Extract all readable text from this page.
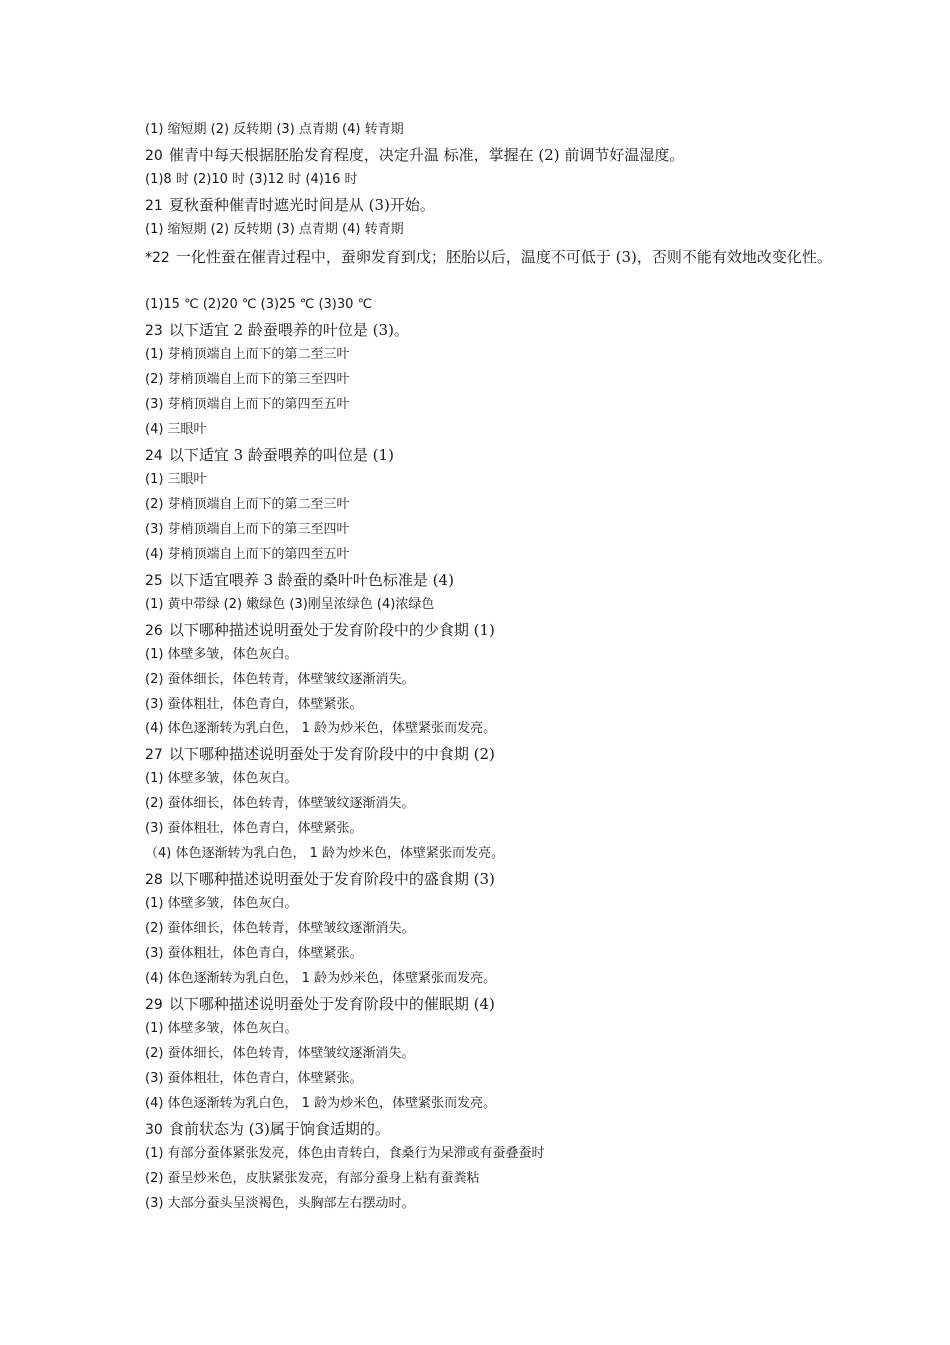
(1) 缩短期 (2) 反转期 (3) 点青期 (4) 转青期
20 催青中每天根据胚胎发育程度，决定升温 标准，掌握在 (2) 前调节好温湿度。
(1)8 时 (2)10 时 (3)12 时 (4)16 时
21 夏秋蚕种催青时遮光时间是从 (3)开始。
(1) 缩短期 (2) 反转期 (3) 点青期 (4) 转青期
*22 一化性蚕在催青过程中，蚕卵发育到戊；胚胎以后，温度不可低于 (3)，否则不能有效地改变化性。
(1)15 ℃ (2)20 ℃ (3)25 ℃ (3)30 ℃
23 以下适宜 2 龄蚕喂养的叶位是 (3)。
(1) 芽梢顶端自上而下的第二至三叶
(2) 芽梢顶端自上而下的第三至四叶
(3) 芽梢顶端自上而下的第四至五叶
(4) 三眼叶
24 以下适宜 3 龄蚕喂养的叫位是 (1)
(1) 三眼叶
(2) 芽梢顶端自上而下的第二至三叶
(3) 芽梢顶端自上而下的第三至四叶
(4) 芽梢顶端自上而下的第四至五叶
25 以下适宜喂养 3 龄蚕的桑叶叶色标准是 (4)
(1) 黄中带绿 (2) 嫩绿色 (3)刚呈浓绿色 (4)浓绿色
26 以下哪种描述说明蚕处于发育阶段中的少食期 (1)
(1) 体壁多皱，体色灰白。
(2) 蚕体细长，体色转青，体壁皱纹逐渐消失。
(3) 蚕体粗壮，体色青白，体壁紧张。
(4) 体色逐渐转为乳白色， 1 龄为炒米色，体壁紧张而发亮。
27 以下哪种描述说明蚕处于发育阶段中的中食期 (2)
(1) 体壁多皱，体色灰白。
(2) 蚕体细长，体色转青，体壁皱纹逐渐消失。
(3) 蚕体粗壮，体色青白，体壁紧张。
（4) 体色逐渐转为乳白色， 1 龄为炒米色，体壁紧张而发亮。
28 以下哪种描述说明蚕处于发育阶段中的盛食期 (3)
(1) 体壁多皱，体色灰白。
(2) 蚕体细长，体色转青，体壁皱纹逐渐消失。
(3) 蚕体粗壮，体色青白，体壁紧张。
(4) 体色逐渐转为乳白色， 1 龄为炒米色，体壁紧张而发亮。
29 以下哪种描述说明蚕处于发育阶段中的催眠期 (4)
(1) 体壁多皱，体色灰白。
(2) 蚕体细长，体色转青，体壁皱纹逐渐消失。
(3) 蚕体粗壮，体色青白，体壁紧张。
(4) 体色逐渐转为乳白色， 1 龄为炒米色，体壁紧张而发亮。
30 食前状态为 (3)属于饷食适期的。
(1) 有部分蚕体紧张发亮，体色由青转白，食桑行为呆滞或有蚕叠蚕时
(2) 蚕呈炒米色，皮肤紧张发亮，有部分蚕身上粘有蚕粪粘
(3) 大部分蚕头呈淡褐色，头胸部左右摆动时。
